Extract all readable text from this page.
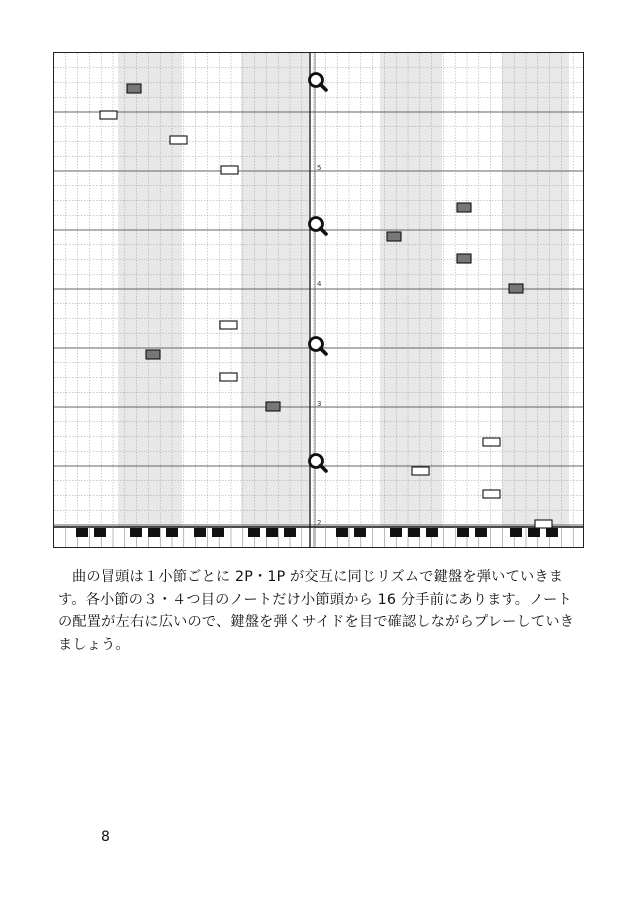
5
4
3
2

曲の冒頭は１小節ごとに 2P・1P が交互に同じリズムで鍵盤を弾いていきます。各小節の３・４つ目のノートだけ小節頭から 16 分手前にあります。ノートの配置が左右に広いので、鍵盤を弾くサイドを目で確認しながらプレーしていきましょう。

8
